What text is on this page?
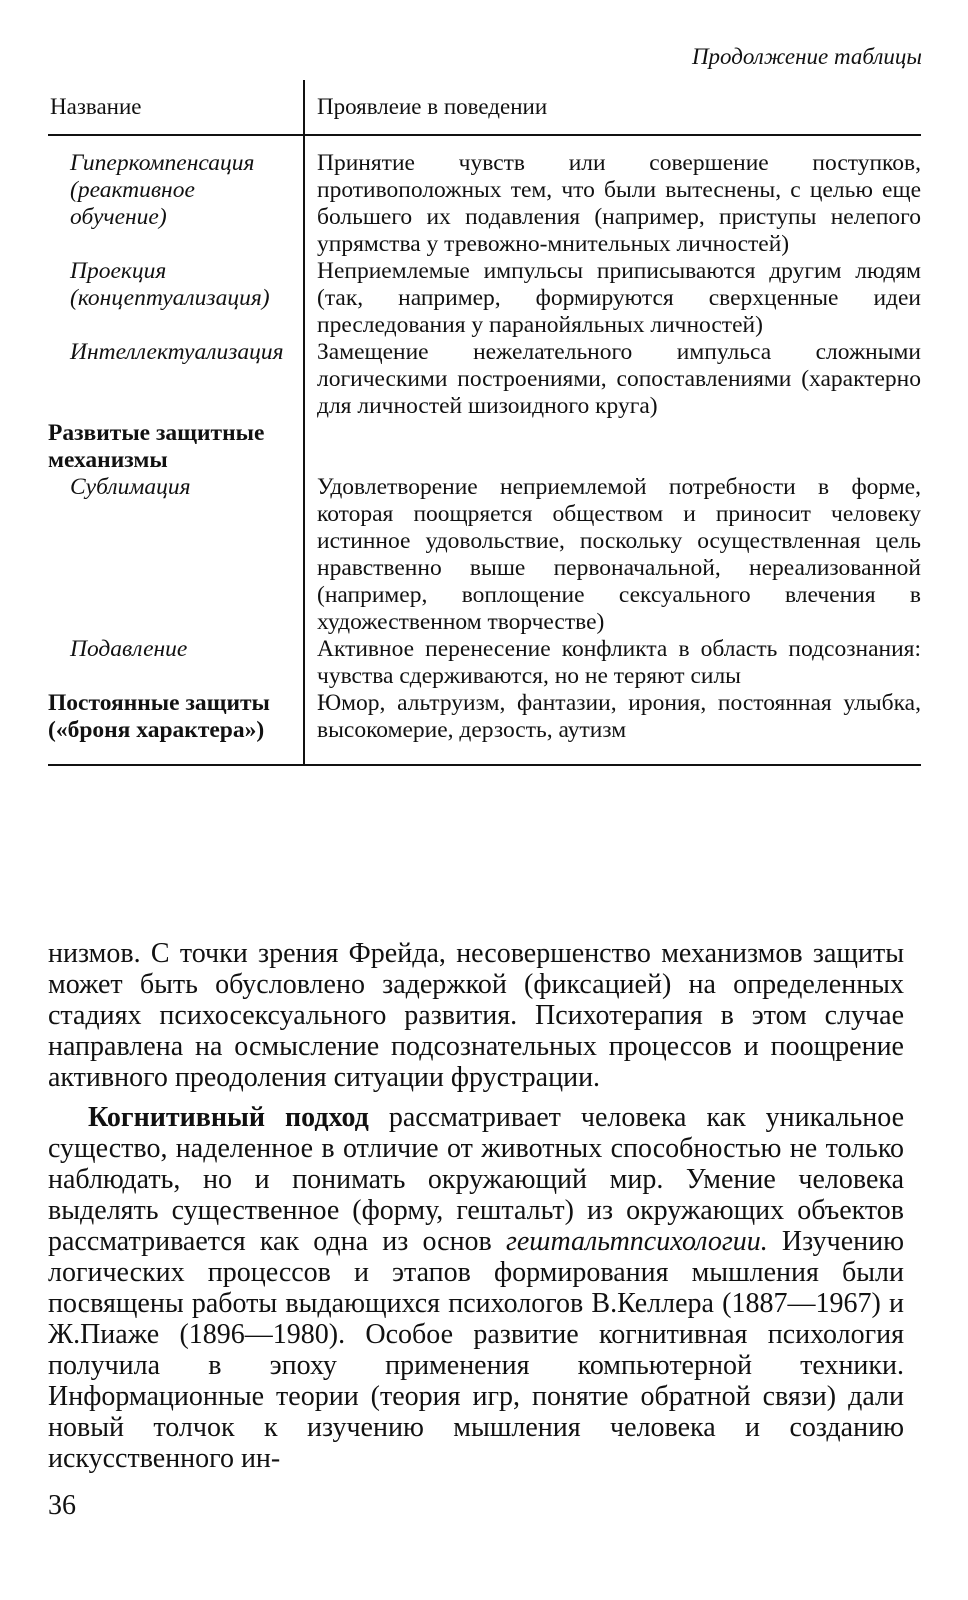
Продолжение таблицы
Название	Проявлеие в поведении

Гиперкомпенсация (реактивное обучение)	Принятие чувств или совершение поступков, противоположных тем, что были вытеснены, с целью еще большего их подавления (например, приступы нелепого упрямства у тревожно-мнительных личностей)

Проекция (концептуализация)	Неприемлемые импульсы приписываются другим людям (так, например, формируются сверхценные идеи преследования у паранойяльных личностей)

Интеллектуализация	Замещение нежелательного импульса сложными логическими построениями, сопоставлениями (характерно для личностей шизоидного круга)

Развитые защитные механизмы	

Сублимация	Удовлетворение неприемлемой потребности в форме, которая поощряется обществом и приносит человеку истинное удовольствие, поскольку осуществленная цель нравственно выше первоначальной, нереализованной (например, воплощение сексуального влечения в художественном творчестве)

Подавление	Активное перенесение конфликта в область подсознания: чувства сдерживаются, но не теряют силы

Постоянные защиты («броня характера»)	Юмор, альтруизм, фантазии, ирония, постоянная улыбка, высокомерие, дерзость, аутизм

низмов. С точки зрения Фрейда, несовершенство механизмов защиты может быть обусловлено задержкой (фиксацией) на определенных стадиях психосексуального развития. Психотерапия в этом случае направлена на осмысление подсознательных процессов и поощрение активного преодоления ситуации фрустрации.

Когнитивный подход рассматривает человека как уникальное существо, наделенное в отличие от животных способностью не только наблюдать, но и понимать окружающий мир. Умение человека выделять существенное (форму, гештальт) из окружающих объектов рассматривается как одна из основ гештальтпсихологии. Изучению логических процессов и этапов формирования мышления были посвящены работы выдающихся психологов В.Келлера (1887—1967) и Ж.Пиаже (1896—1980). Особое развитие когнитивная психология получила в эпоху применения компьютерной техники. Информационные теории (теория игр, понятие обратной связи) дали новый толчок к изучению мышления человека и созданию искусственного ин-

36
